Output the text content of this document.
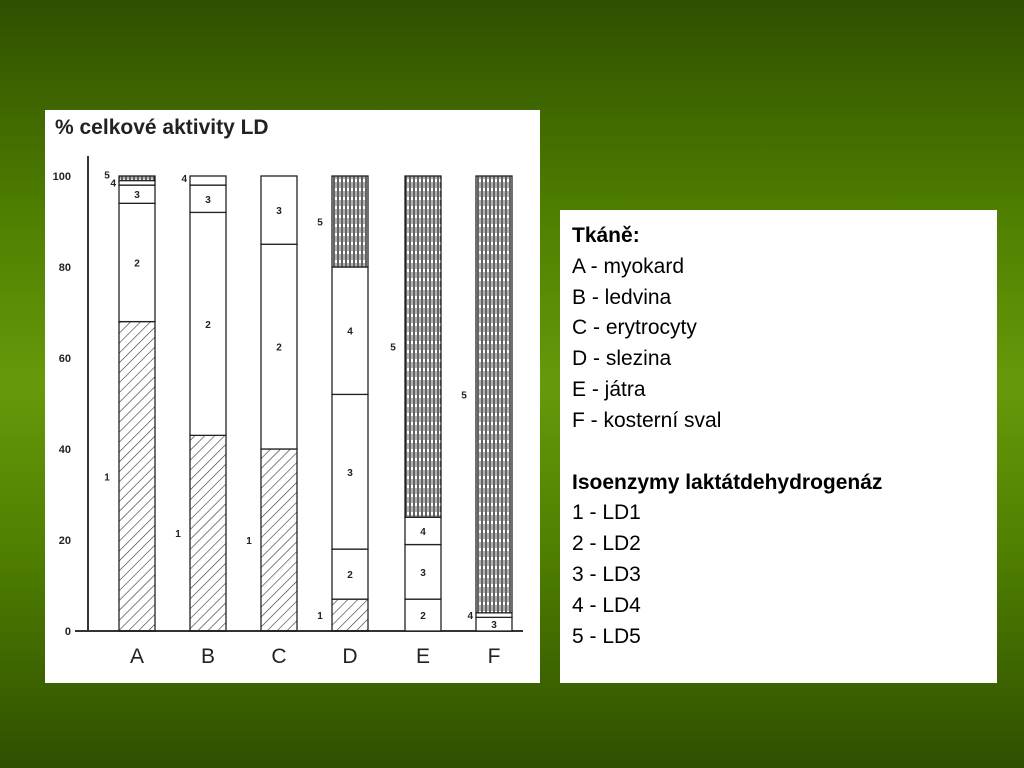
% celkové aktivity LD
0
20
40
60
80
100
1
2
3
4
5
A
1
2
3
4
B
1
2
3
C
1
2
3
4
5
D
2
3
4
5
E
3
4
5
F
Tkáně:
A - myokard
B - ledvina
C - erytrocyty
D - slezina
E - játra
F - kosterní sval
Isoenzymy laktátdehydrogenáz
1 - LD1
2 - LD2
3 - LD3
4 - LD4
5 - LD5
